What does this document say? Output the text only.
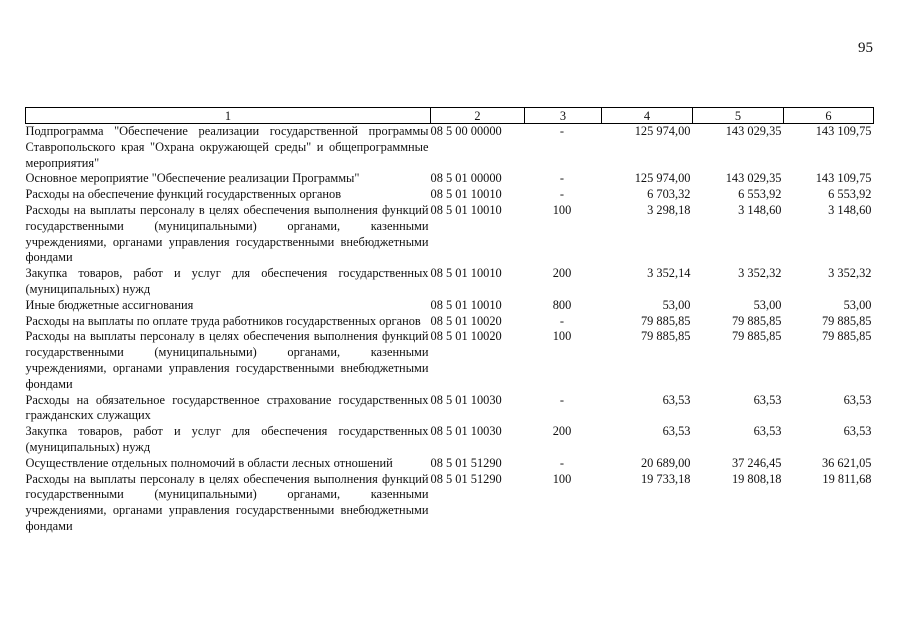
95
1	2	3	4	5	6
Подпрограмма "Обеспечение реализации государственной программы Ставропольского края "Охрана окружающей среды" и общепрограммные мероприятия"	08 5 00 00000	-	125 974,00	143 029,35	143 109,75
Основное мероприятие "Обеспечение реализации Программы"	08 5 01 00000	-	125 974,00	143 029,35	143 109,75
Расходы на обеспечение функций государственных органов	08 5 01 10010	-	6 703,32	6 553,92	6 553,92
Расходы на выплаты персоналу в целях обеспечения выполнения функций государственными (муниципальными) органами, казенными учреждениями, органами управления государственными внебюджетными фондами	08 5 01 10010	100	3 298,18	3 148,60	3 148,60
Закупка товаров, работ и услуг для обеспечения государственных (муниципальных) нужд	08 5 01 10010	200	3 352,14	3 352,32	3 352,32
Иные бюджетные ассигнования	08 5 01 10010	800	53,00	53,00	53,00
Расходы на выплаты по оплате труда работников государственных органов	08 5 01 10020	-	79 885,85	79 885,85	79 885,85
Расходы на выплаты персоналу в целях обеспечения выполнения функций государственными (муниципальными) органами, казенными учреждениями, органами управления государственными внебюджетными фондами	08 5 01 10020	100	79 885,85	79 885,85	79 885,85
Расходы на обязательное государственное страхование государственных гражданских служащих	08 5 01 10030	-	63,53	63,53	63,53
Закупка товаров, работ и услуг для обеспечения государственных (муниципальных) нужд	08 5 01 10030	200	63,53	63,53	63,53
Осуществление отдельных полномочий в области лесных отношений	08 5 01 51290	-	20 689,00	37 246,45	36 621,05
Расходы на выплаты персоналу в целях обеспечения выполнения функций государственными (муниципальными) органами, казенными учреждениями, органами управления государственными внебюджетными фондами	08 5 01 51290	100	19 733,18	19 808,18	19 811,68
